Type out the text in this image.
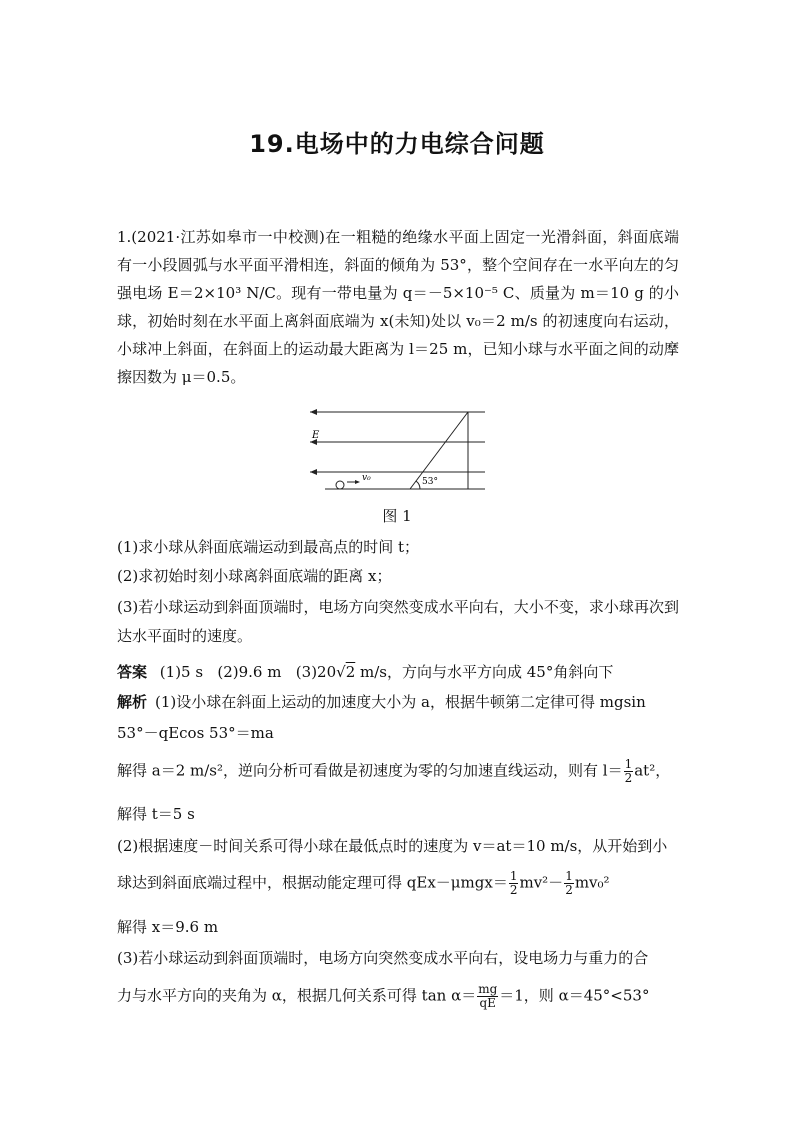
19.电场中的力电综合问题
1.(2021·江苏如皋市一中校测)在一粗糙的绝缘水平面上固定一光滑斜面，斜面底端有一小段圆弧与水平面平滑相连，斜面的倾角为 53°，整个空间存在一水平向左的匀强电场 E＝2×10³ N/C。现有一带电量为 q＝－5×10⁻⁵ C、质量为 m＝10 g 的小球，初始时刻在水平面上离斜面底端为 x(未知)处以 v₀＝2 m/s 的初速度向右运动，小球冲上斜面，在斜面上的运动最大距离为 l＝25 m，已知小球与水平面之间的动摩擦因数为 μ＝0.5。
E
v₀	53°
图 1
(1)求小球从斜面底端运动到最高点的时间 t；
(2)求初始时刻小球离斜面底端的距离 x；
(3)若小球运动到斜面顶端时，电场方向突然变成水平向右，大小不变，求小球再次到达水平面时的速度。
答案 (1)5 s (2)9.6 m (3)20√2 m/s，方向与水平方向成 45°角斜向下
解析 (1)设小球在斜面上运动的加速度大小为 a，根据牛顿第二定律可得 mgsin
53°－qEcos 53°＝ma
解得 a＝2 m/s²，逆向分析可看做是初速度为零的匀加速直线运动，则有 $l= \frac{1}{2} at^2$，
解得 t＝5 s
(2)根据速度－时间关系可得小球在最低点时的速度为 v＝at＝10 m/s，从开始到小
球达到斜面底端过程中，根据动能定理可得 $qEx-\mu mgx= \frac{1}{2} mv^2- \frac{1}{2} mv_0^2$
解得 x＝9.6 m
(3)若小球运动到斜面顶端时，电场方向突然变成水平向右，设电场力与重力的合
力与水平方向的夹角为 α，根据几何关系可得 $\tan \alpha= \frac{mg}{qE} =1$，则 α＝45°<53°
